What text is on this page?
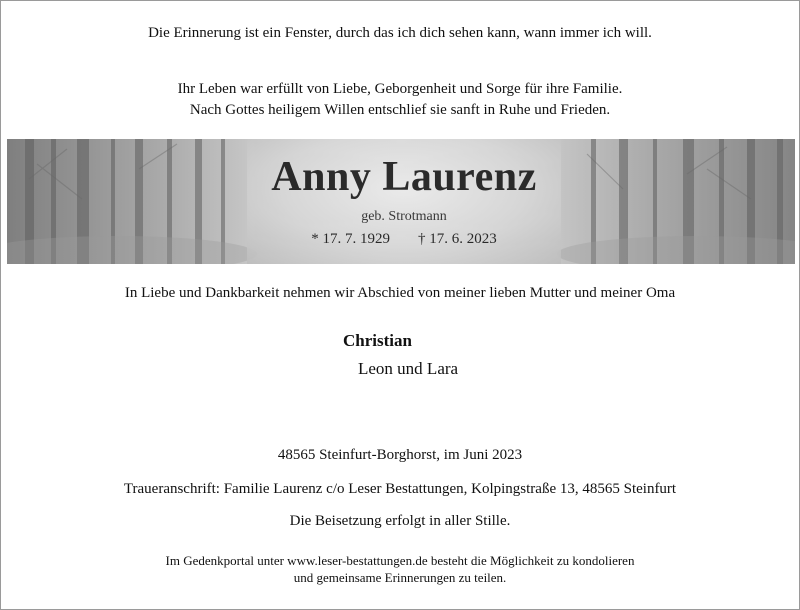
Die Erinnerung ist ein Fenster, durch das ich dich sehen kann, wann immer ich will.
Ihr Leben war erfüllt von Liebe, Geborgenheit und Sorge für ihre Familie.
Nach Gottes heiligem Willen entschlief sie sanft in Ruhe und Frieden.
Anny Laurenz
geb. Strotmann
* 17. 7. 1929 † 17. 6. 2023
In Liebe und Dankbarkeit nehmen wir Abschied von meiner lieben Mutter und meiner Oma
Christian
Leon und Lara
48565 Steinfurt-Borghorst, im Juni 2023
Traueranschrift: Familie Laurenz c/o Leser Bestattungen, Kolpingstraße 13, 48565 Steinfurt
Die Beisetzung erfolgt in aller Stille.
Im Gedenkportal unter www.leser-bestattungen.de besteht die Möglichkeit zu kondolieren
und gemeinsame Erinnerungen zu teilen.
